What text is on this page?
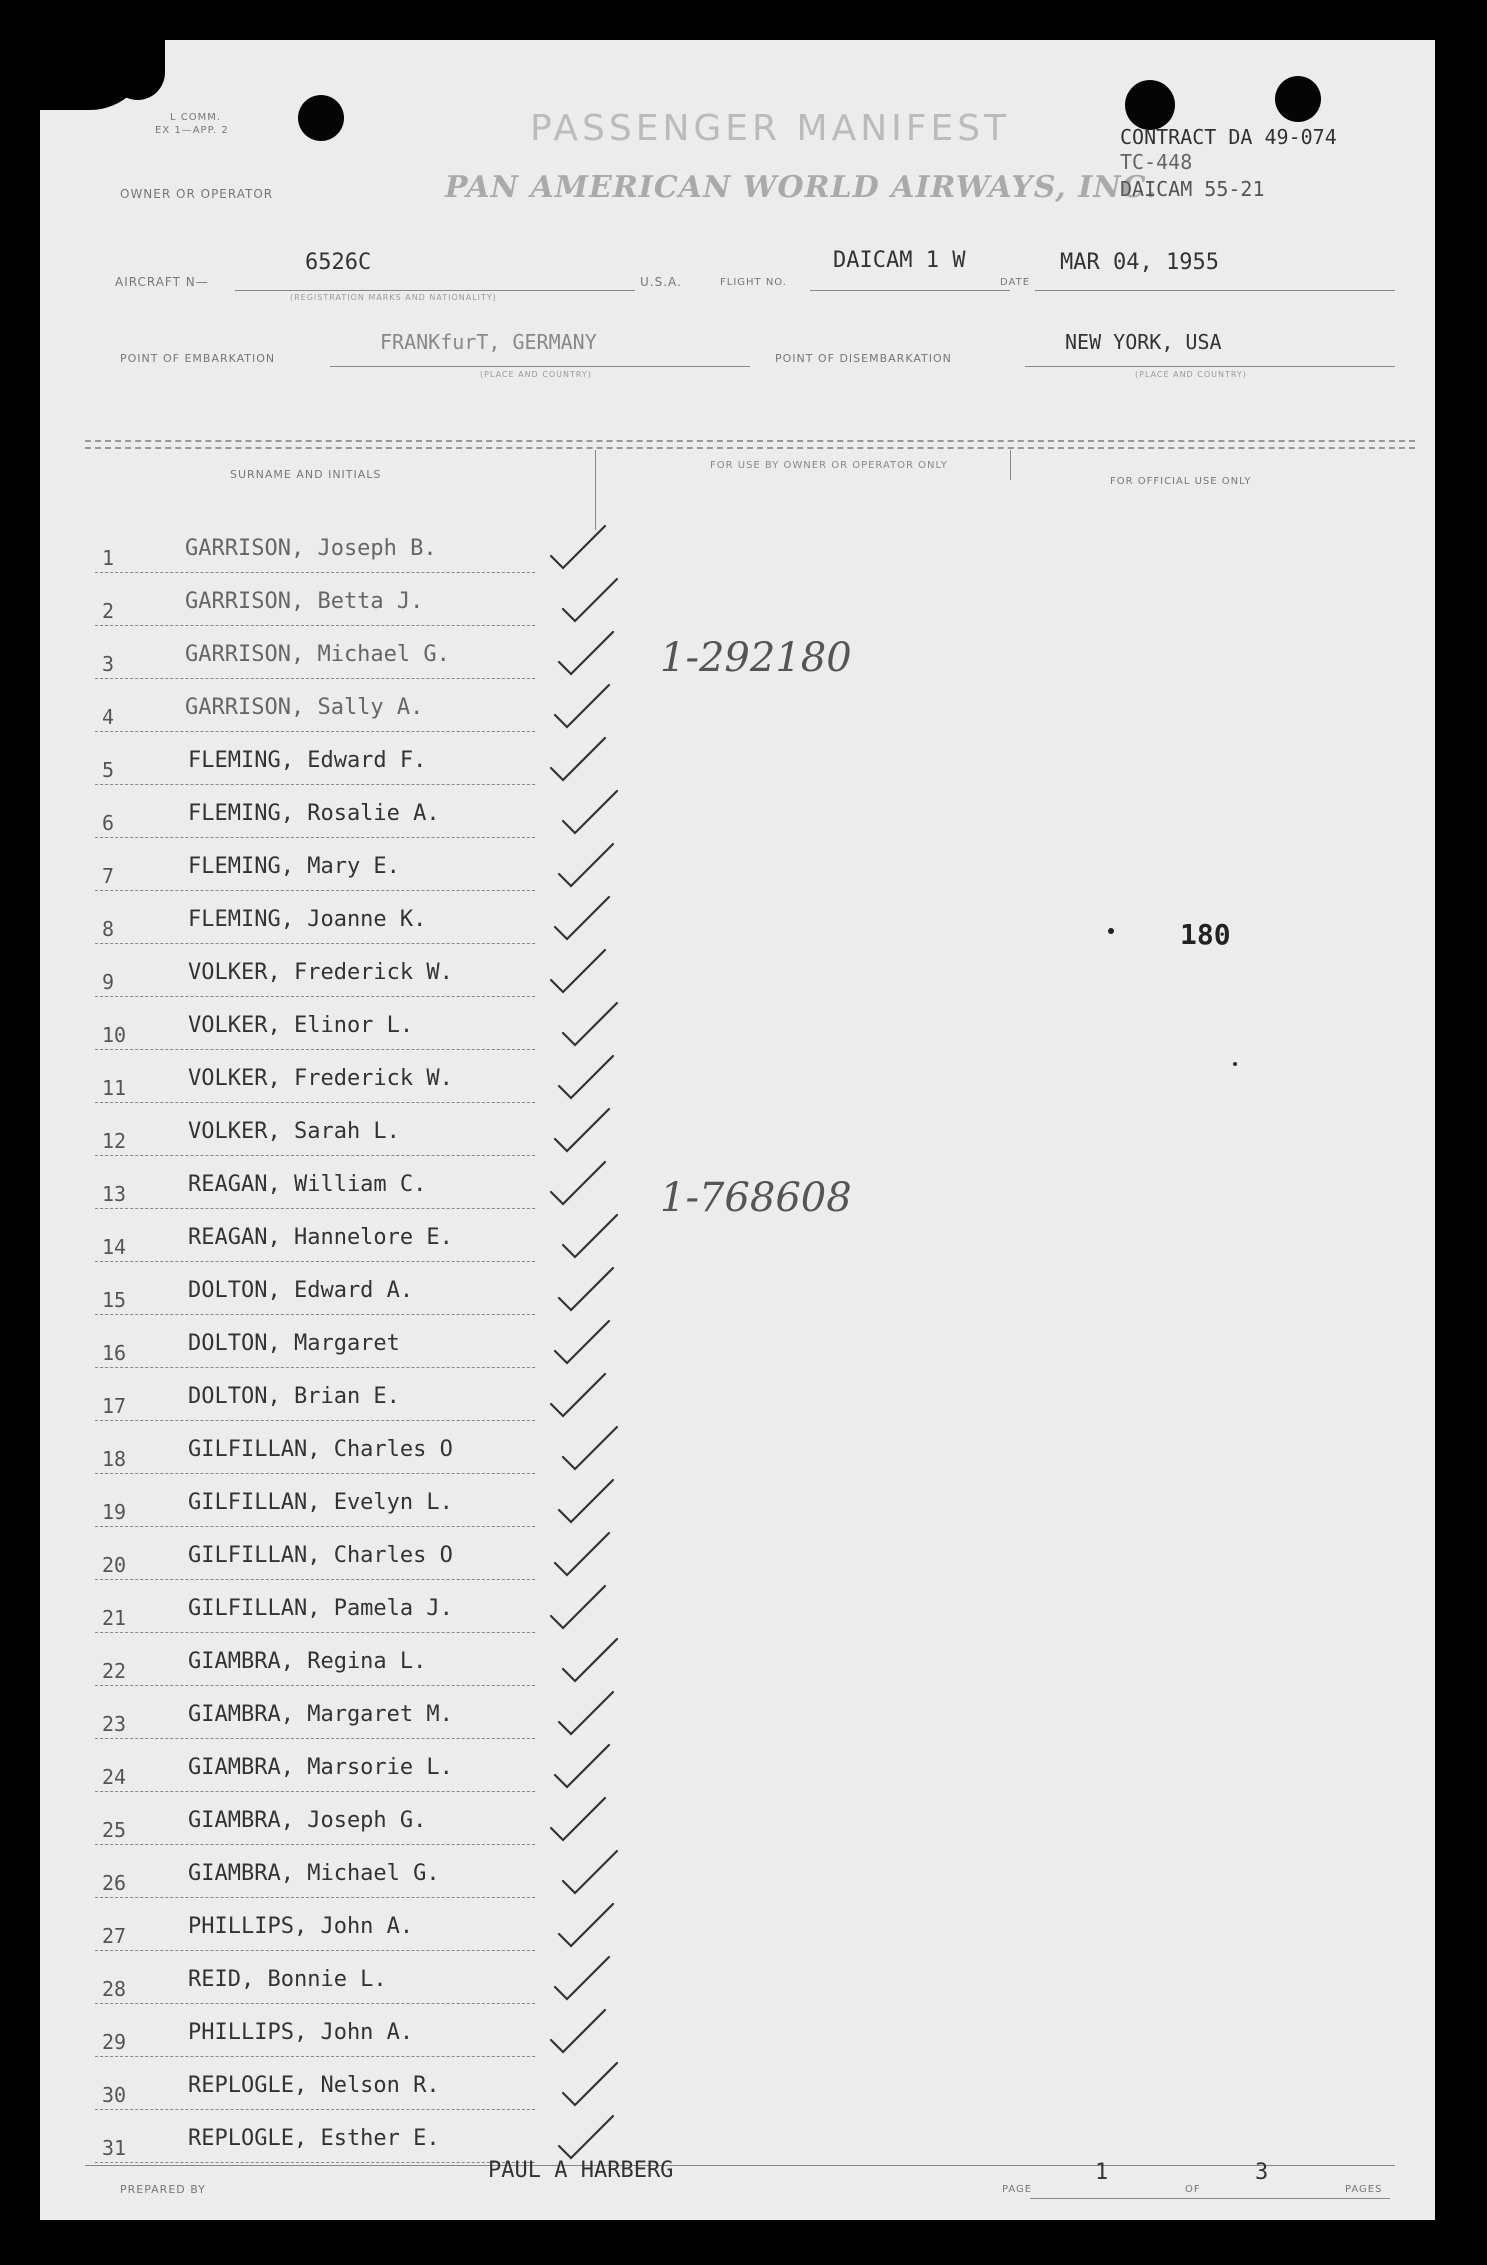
L COMM.
EX 1—APP. 2	PASSENGER MANIFEST
PAN AMERICAN WORLD AIRWAYS, INC.
OWNER OR OPERATOR
CONTRACT DA 49-074
TC-448
DAICAM 55-21
AIRCRAFT N—
6526C
(REGISTRATION MARKS AND NATIONALITY)
U.S.A.	FLIGHT NO.
DAICAM 1 W
DATE
MAR 04, 1955
POINT OF EMBARKATION
FRANKfurT, GERMANY
(PLACE AND COUNTRY)
POINT OF DISEMBARKATION
NEW YORK, USA
(PLACE AND COUNTRY)
SURNAME AND INITIALS
FOR USE BY OWNER OR OPERATOR ONLY
FOR OFFICIAL USE ONLY
1	GARRISON, Joseph B.
2	GARRISON, Betta J.
3	GARRISON, Michael G.
4	GARRISON, Sally A.
5	FLEMING, Edward F.
6	FLEMING, Rosalie A.
7	FLEMING, Mary E.
8	FLEMING, Joanne K.
9	VOLKER, Frederick W.
10	VOLKER, Elinor L.
11	VOLKER, Frederick W.
12	VOLKER, Sarah L.
13	REAGAN, William C.
14	REAGAN, Hannelore E.
15	DOLTON, Edward A.
16	DOLTON, Margaret
17	DOLTON, Brian E.
18	GILFILLAN, Charles O
19	GILFILLAN, Evelyn L.
20	GILFILLAN, Charles O
21	GILFILLAN, Pamela J.
22	GIAMBRA, Regina L.
23	GIAMBRA, Margaret M.
24	GIAMBRA, Marsorie L.
25	GIAMBRA, Joseph G.
26	GIAMBRA, Michael G.
27	PHILLIPS, John A.
28	REID, Bonnie L.
29	PHILLIPS, John A.
30	REPLOGLE, Nelson R.
31	REPLOGLE, Esther E.
1-292180
1-768608
180
PREPARED BY
PAUL A HARBERG
PAGE
1
OF
3
PAGES
